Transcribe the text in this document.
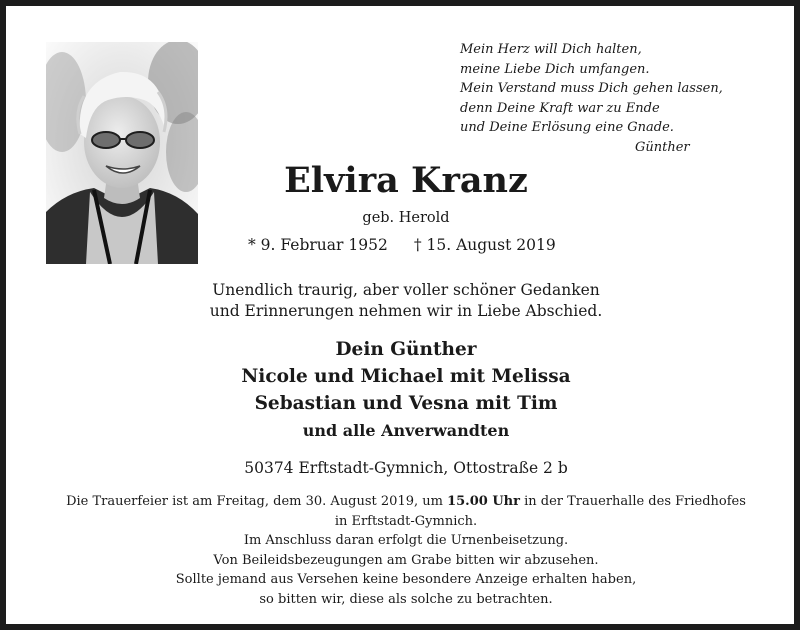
Mein Herz will Dich halten,
meine Liebe Dich umfangen.
Mein Verstand muss Dich gehen lassen,
denn Deine Kraft war zu Ende
und Deine Erlösung eine Gnade.
Günther
Elvira Kranz
geb. Herold
* 9. Februar 1952 † 15. August 2019
Unendlich traurig, aber voller schöner Gedanken
und Erinnerungen nehmen wir in Liebe Abschied.
Dein Günther
Nicole und Michael mit Melissa
Sebastian und Vesna mit Tim
und alle Anverwandten
50374 Erftstadt-Gymnich, Ottostraße 2 b
Die Trauerfeier ist am Freitag, dem 30. August 2019, um 15.00 Uhr in der Trauerhalle des Friedhofes
in Erftstadt-Gymnich.
Im Anschluss daran erfolgt die Urnenbeisetzung.
Von Beileidsbezeugungen am Grabe bitten wir abzusehen.
Sollte jemand aus Versehen keine besondere Anzeige erhalten haben,
so bitten wir, diese als solche zu betrachten.
